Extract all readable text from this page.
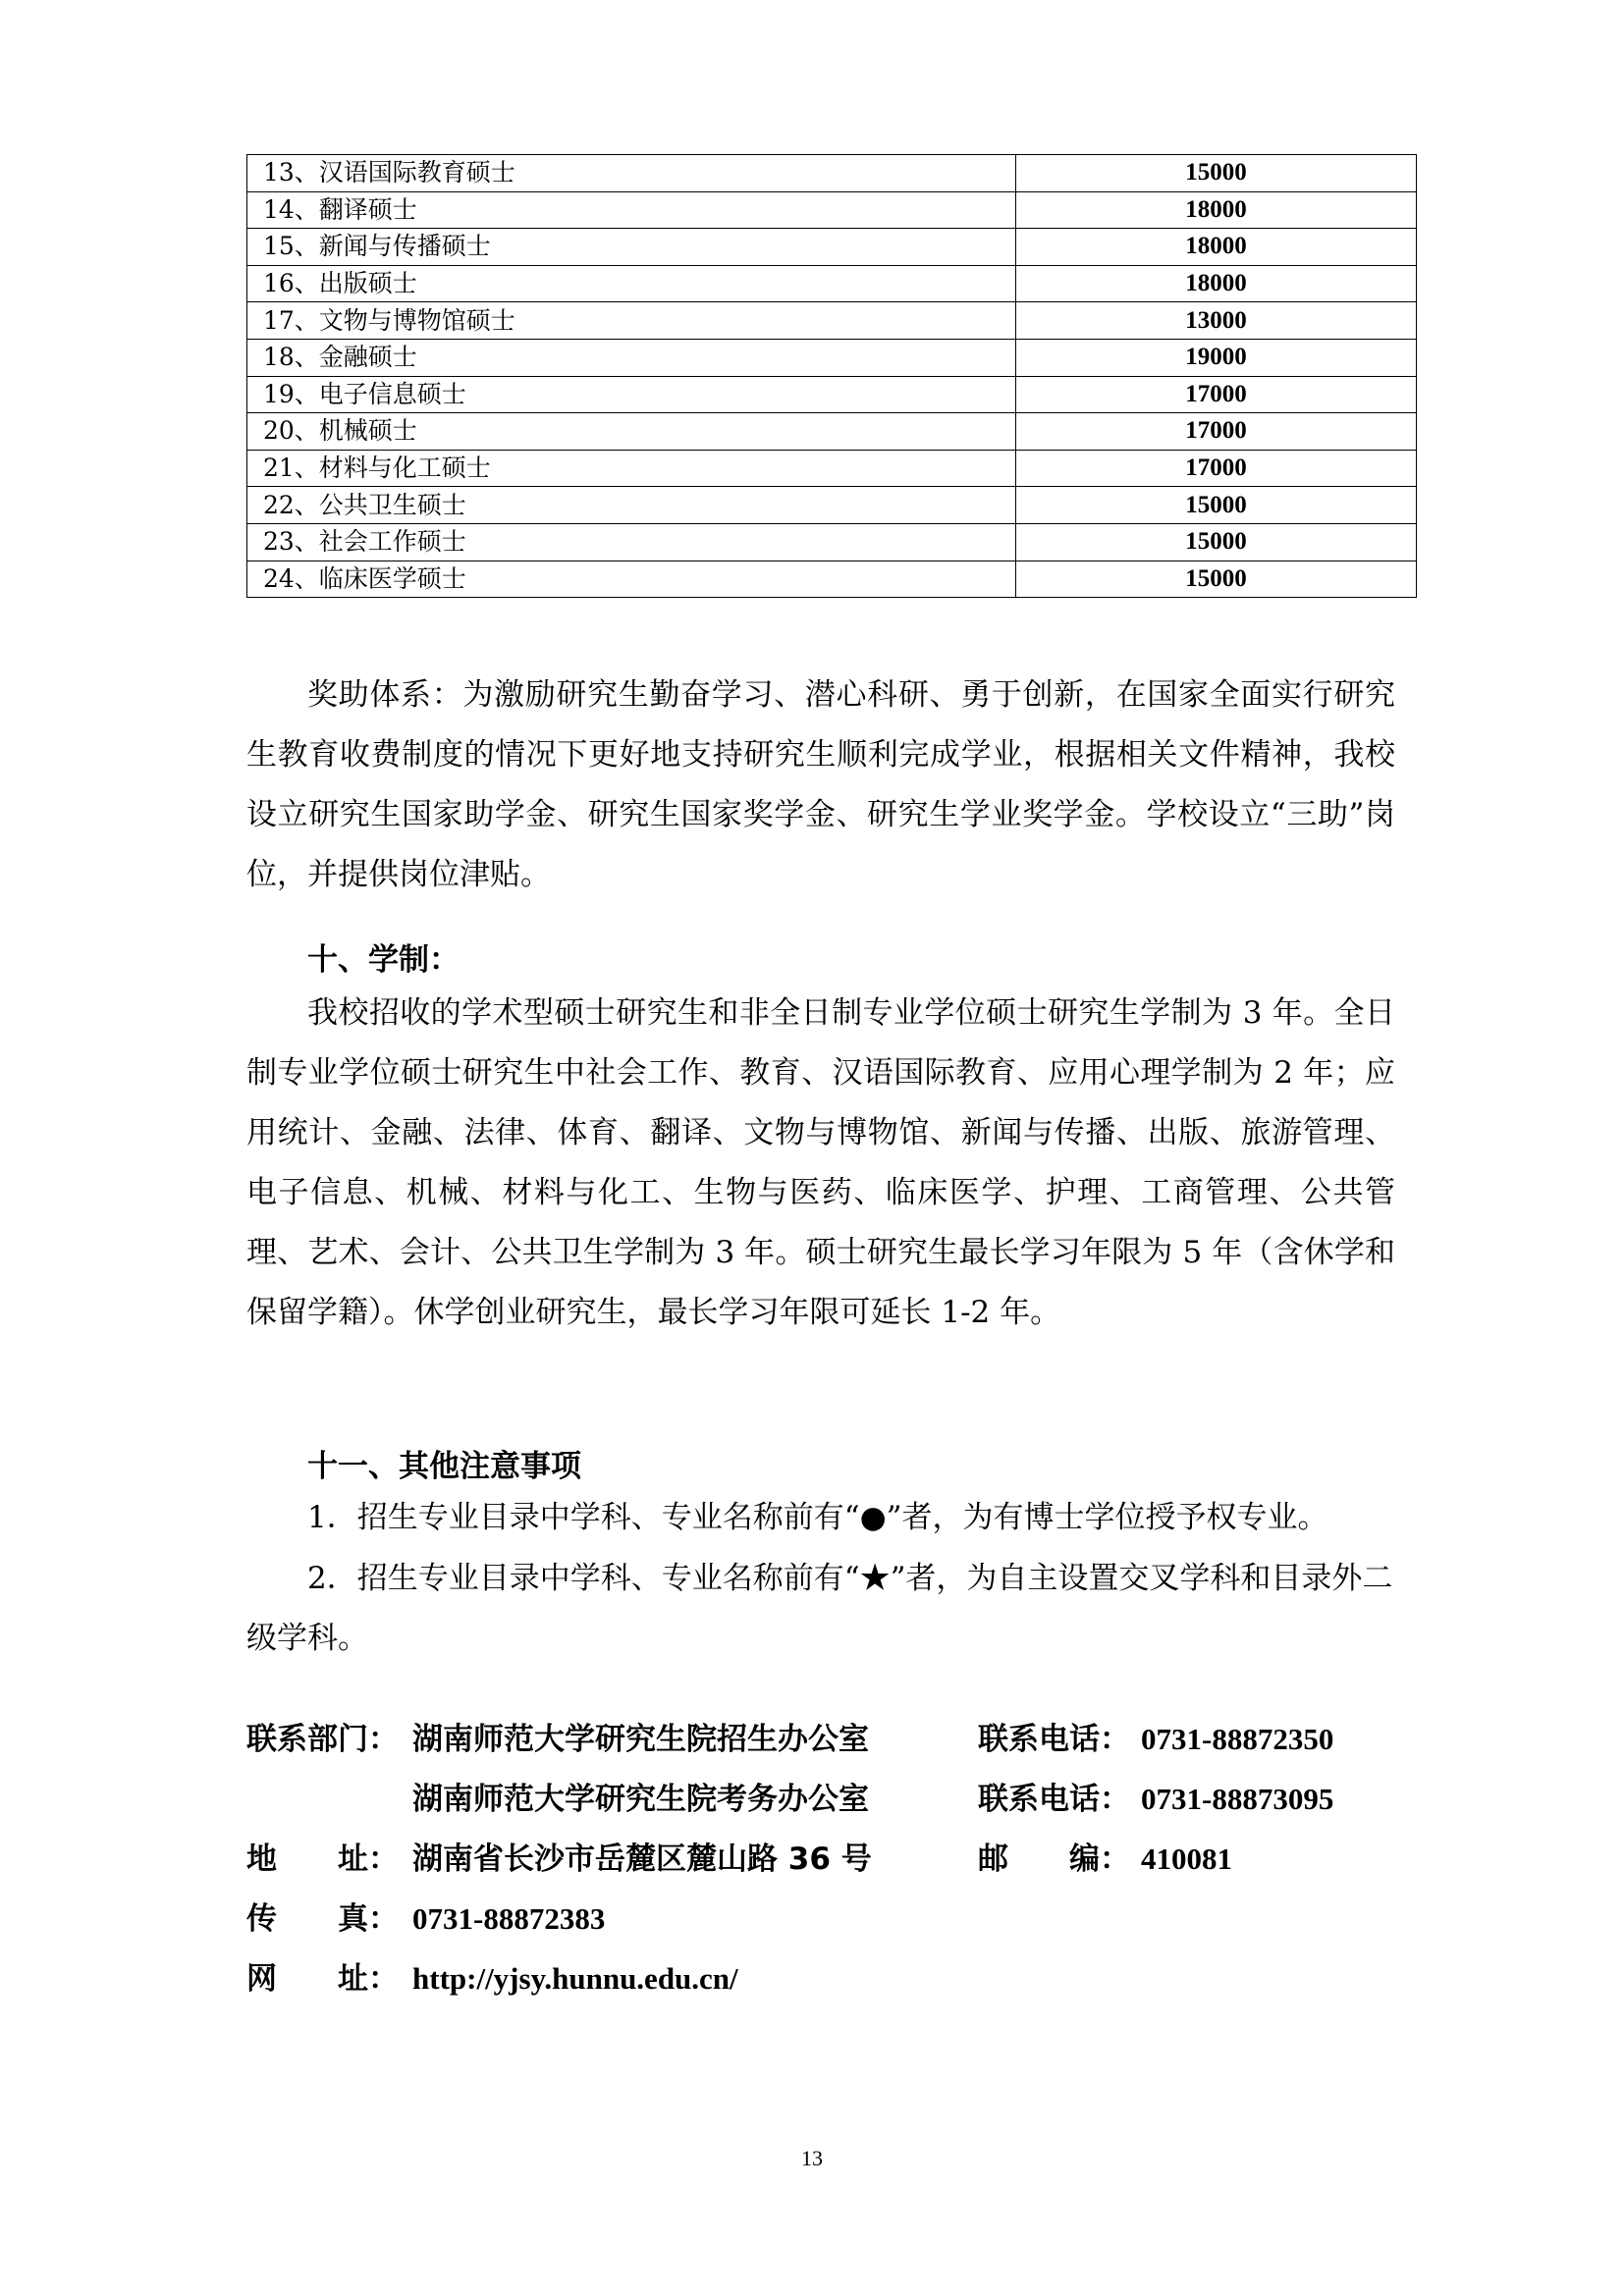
13、汉语国际教育硕士	15000
14、翻译硕士	18000
15、新闻与传播硕士	18000
16、出版硕士	18000
17、文物与博物馆硕士	13000
18、金融硕士	19000
19、电子信息硕士	17000
20、机械硕士	17000
21、材料与化工硕士	17000
22、公共卫生硕士	15000
23、社会工作硕士	15000
24、临床医学硕士	15000

奖助体系：为激励研究生勤奋学习、潜心科研、勇于创新，在国家全面实行研究生教育收费制度的情况下更好地支持研究生顺利完成学业，根据相关文件精神，我校设立研究生国家助学金、研究生国家奖学金、研究生学业奖学金。学校设立“三助”岗位，并提供岗位津贴。

十、学制：

我校招收的学术型硕士研究生和非全日制专业学位硕士研究生学制为 3 年。全日制专业学位硕士研究生中社会工作、教育、汉语国际教育、应用心理学制为 2 年；应用统计、金融、法律、体育、翻译、文物与博物馆、新闻与传播、出版、旅游管理、电子信息、机械、材料与化工、生物与医药、临床医学、护理、工商管理、公共管理、艺术、会计、公共卫生学制为 3 年。硕士研究生最长学习年限为 5 年（含休学和保留学籍）。休学创业研究生，最长学习年限可延长 1-2 年。

十一、其他注意事项

1．招生专业目录中学科、专业名称前有“●”者，为有博士学位授予权专业。

2．招生专业目录中学科、专业名称前有“★”者，为自主设置交叉学科和目录外二级学科。

联系部门： 湖南师范大学研究生院招生办公室	联系电话： 0731-88872350
湖南师范大学研究生院考务办公室	联系电话： 0731-88873095
地　　址： 湖南省长沙市岳麓区麓山路 36 号	邮　　编： 410081
传　　真： 0731-88872383
网　　址： http://yjsy.hunnu.edu.cn/
13
